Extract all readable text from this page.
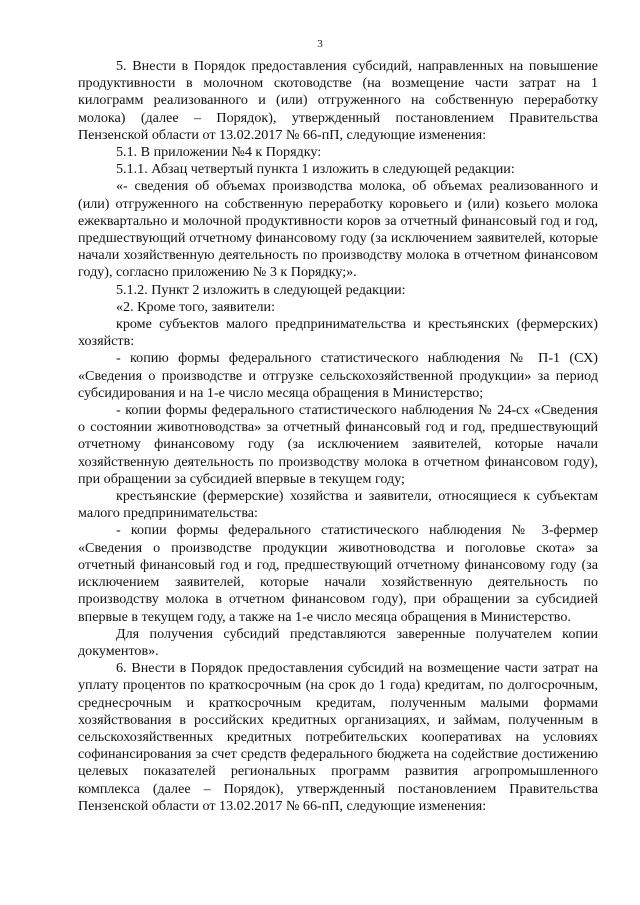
3

5. Внести в Порядок предоставления субсидий, направленных на повышение продуктивности в молочном скотоводстве (на возмещение части затрат на 1 килограмм реализованного и (или) отгруженного на собственную переработку молока) (далее – Порядок), утвержденный постановлением Правительства Пензенской области от 13.02.2017 № 66-пП, следующие изменения:

5.1. В приложении №4 к Порядку:

5.1.1. Абзац четвертый пункта 1 изложить в следующей редакции:

«- сведения об объемах производства молока, об объемах реализованного и (или) отгруженного на собственную переработку коровьего и (или) козьего молока ежеквартально и молочной продуктивности коров за отчетный финансовый год и год, предшествующий отчетному финансовому году (за исключением заявителей, которые начали хозяйственную деятельность по производству молока в отчетном финансовом году), согласно приложению № 3 к Порядку;».

5.1.2. Пункт 2 изложить в следующей редакции:

«2. Кроме того, заявители:

кроме субъектов малого предпринимательства и крестьянских (фермерских) хозяйств:

- копию формы федерального статистического наблюдения № П-1 (СХ) «Сведения о производстве и отгрузке сельскохозяйственной продукции» за период субсидирования и на 1-е число месяца обращения в Министерство;

- копии формы федерального статистического наблюдения № 24-сх «Сведения о состоянии животноводства» за отчетный финансовый год и год, предшествующий отчетному финансовому году (за исключением заявителей, которые начали хозяйственную деятельность по производству молока в отчетном финансовом году), при обращении за субсидией впервые в текущем году;

крестьянские (фермерские) хозяйства и заявители, относящиеся к субъектам малого предпринимательства:

- копии формы федерального статистического наблюдения № 3-фермер «Сведения о производстве продукции животноводства и поголовье скота» за отчетный финансовый год и год, предшествующий отчетному финансовому году (за исключением заявителей, которые начали хозяйственную деятельность по производству молока в отчетном финансовом году), при обращении за субсидией впервые в текущем году, а также на 1-е число месяца обращения в Министерство.

Для получения субсидий представляются заверенные получателем копии документов».

6. Внести в Порядок предоставления субсидий на возмещение части затрат на уплату процентов по краткосрочным (на срок до 1 года) кредитам, по долгосрочным, среднесрочным и краткосрочным кредитам, полученным малыми формами хозяйствования в российских кредитных организациях, и займам, полученным в сельскохозяйственных кредитных потребительских кооперативах на условиях софинансирования за счет средств федерального бюджета на содействие достижению целевых показателей региональных программ развития агропромышленного комплекса (далее – Порядок), утвержденный постановлением Правительства Пензенской области от 13.02.2017 № 66-пП, следующие изменения:
